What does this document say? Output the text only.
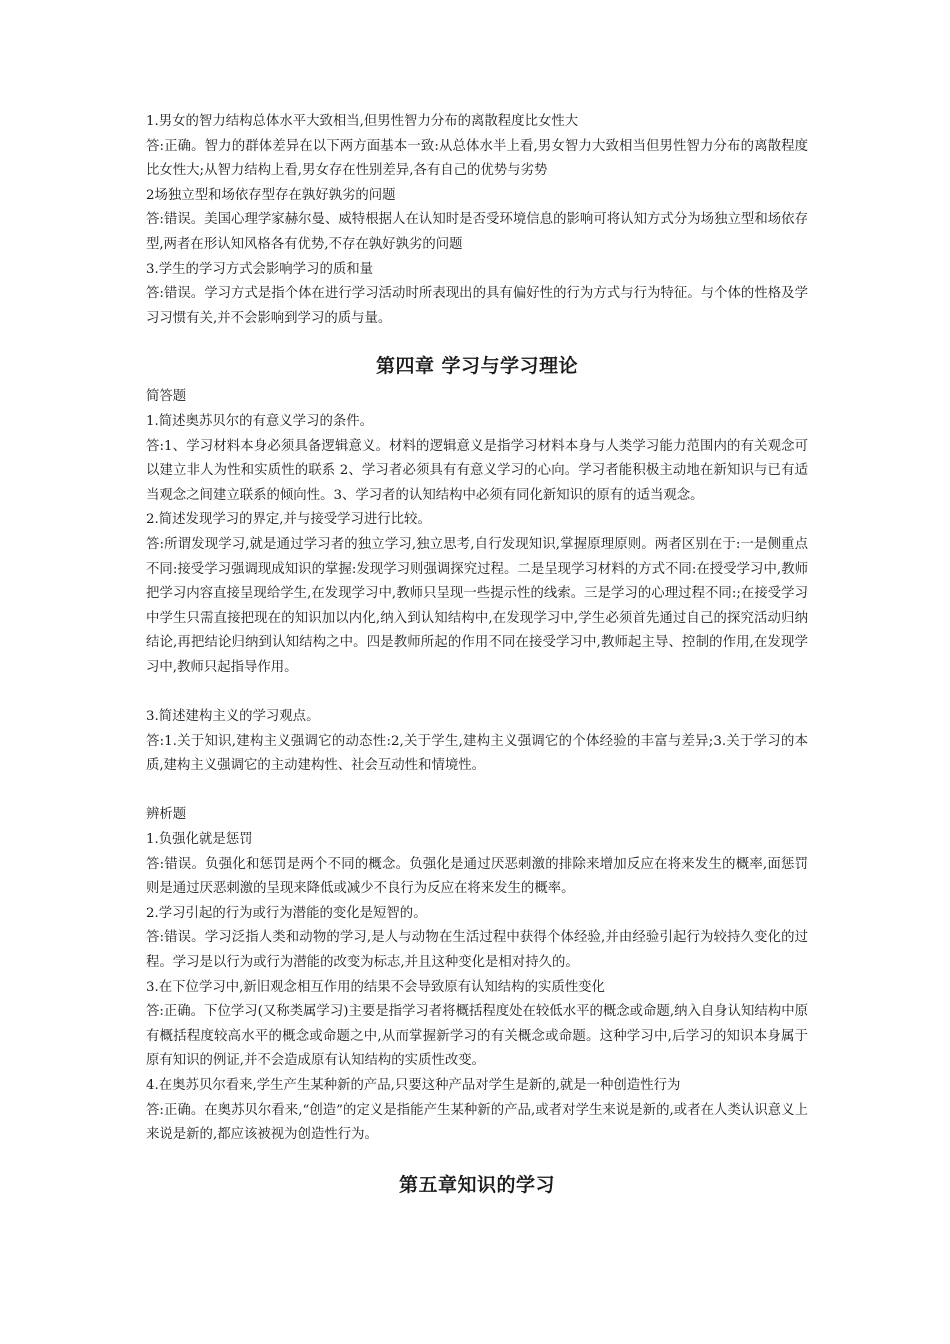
1.男女的智力结构总体水平大致相当,但男性智力分布的离散程度比女性大

答:正确。智力的群体差异在以下两方面基本一致:从总体水半上看,男女智力大致相当但男性智力分布的离散程度比女性大;从智力结构上看,男女存在性别差异,各有自己的优势与劣势

2场独立型和场依存型存在孰好孰劣的问题

答:错误。美国心理学家赫尔曼、威特根据人在认知时是否受环境信息的影响可将认知方式分为场独立型和场依存型,两者在形认知风格各有优势,不存在孰好孰劣的问题

3.学生的学习方式会影响学习的质和量

答:错误。学习方式是指个体在进行学习活动时所表现出的具有偏好性的行为方式与行为特征。与个体的性格及学习习惯有关,并不会影响到学习的质与量。

第四章 学习与学习理论

简答题

1.简述奥苏贝尔的有意义学习的条件。

答:1、学习材料本身必须具备逻辑意义。材料的逻辑意义是指学习材料本身与人类学习能力范围内的有关观念可以建立非人为性和实质性的联系 2、学习者必须具有有意义学习的心向。学习者能积极主动地在新知识与已有适当观念之间建立联系的倾向性。3、学习者的认知结构中必须有同化新知识的原有的适当观念。

2.简述发现学习的界定,并与接受学习进行比较。

答:所谓发现学习,就是通过学习者的独立学习,独立思考,自行发现知识,掌握原理原则。两者区别在于:一是侧重点不同:接受学习强调现成知识的掌握:发现学习则强调探究过程。二是呈现学习材料的方式不同:在授受学习中,教师把学习内容直接呈现给学生,在发现学习中,教师只呈现一些提示性的线索。三是学习的心理过程不同:;在接受学习中学生只需直接把现在的知识加以内化,纳入到认知结构中,在发现学习中,学生必须首先通过自己的探究活动归纳结论,再把结论归纳到认知结构之中。四是教师所起的作用不同在接受学习中,教师起主导、控制的作用,在发现学习中,教师只起指导作用。

3.简述建构主义的学习观点。

答:1.关于知识,建构主义强调它的动态性:2,关于学生,建构主义强调它的个体经验的丰富与差异;3.关于学习的本质,建构主义强调它的主动建构性、社会互动性和情境性。

辨析题

1.负强化就是惩罚

答:错误。负强化和惩罚是两个不同的概念。负强化是通过厌恶刺激的排除来增加反应在将来发生的概率,面惩罚则是通过厌恶刺激的呈现来降低或减少不良行为反应在将来发生的概率。

2.学习引起的行为或行为潜能的变化是短智的。

答:错误。学习泛指人类和动物的学习,是人与动物在生活过程中获得个体经验,并由经验引起行为较持久变化的过程。学习是以行为或行为潜能的改变为标志,并且这种变化是相对持久的。

3.在下位学习中,新旧观念相互作用的结果不会导致原有认知结构的实质性变化

答:正确。下位学习(又称类属学习)主要是指学习者将概括程度处在较低水平的概念或命题,纳入自身认知结构中原有概括程度较高水平的概念或命题之中,从而掌握新学习的有关概念或命题。这种学习中,后学习的知识本身属于原有知识的例证,并不会造成原有认知结构的实质性改变。

4.在奥苏贝尔看来,学生产生某种新的产品,只要这种产品对学生是新的,就是一种创造性行为

答:正确。在奥苏贝尔看来,“创造”的定义是指能产生某种新的产品,或者对学生来说是新的,或者在人类认识意义上来说是新的,都应该被视为创造性行为。

第五章知识的学习
